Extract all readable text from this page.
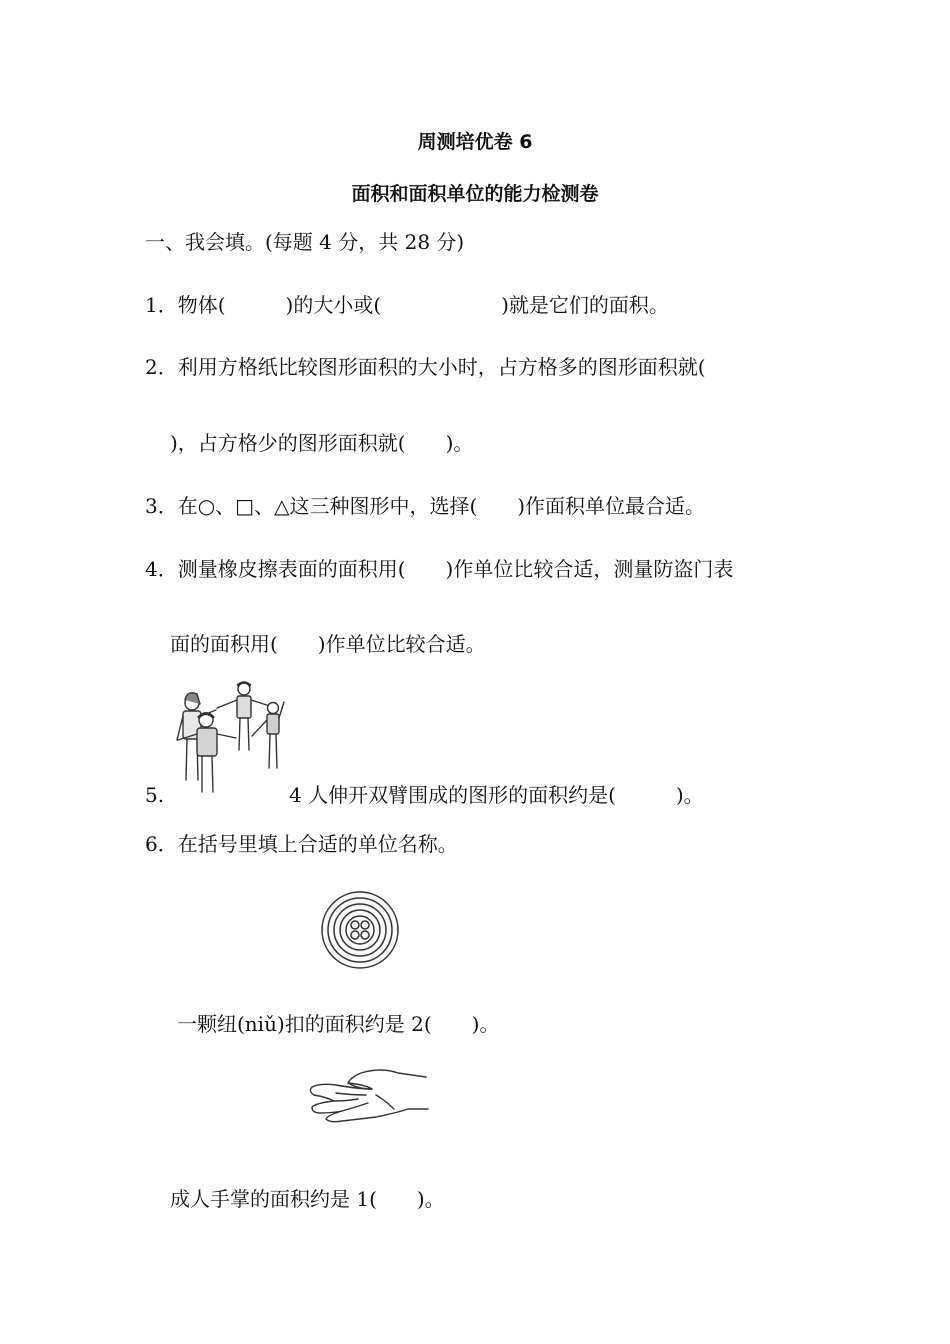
周测培优卷 6
面积和面积单位的能力检测卷
一、我会填。(每题 4 分，共 28 分)
1．物体(　　　)的大小或(　　　　　　)就是它们的面积。
2．利用方格纸比较图形面积的大小时，占方格多的图形面积就(
)，占方格少的图形面积就(　　)。
3．在○、□、△这三种图形中，选择(　　)作面积单位最合适。
4．测量橡皮擦表面的面积用(　　)作单位比较合适，测量防盗门表
面的面积用(　　)作单位比较合适。
5.	4 人伸开双臂围成的图形的面积约是(　　　)。
6．在括号里填上合适的单位名称。
一颗纽(niǔ)扣的面积约是 2(　　)。
成人手掌的面积约是 1(　　)。
